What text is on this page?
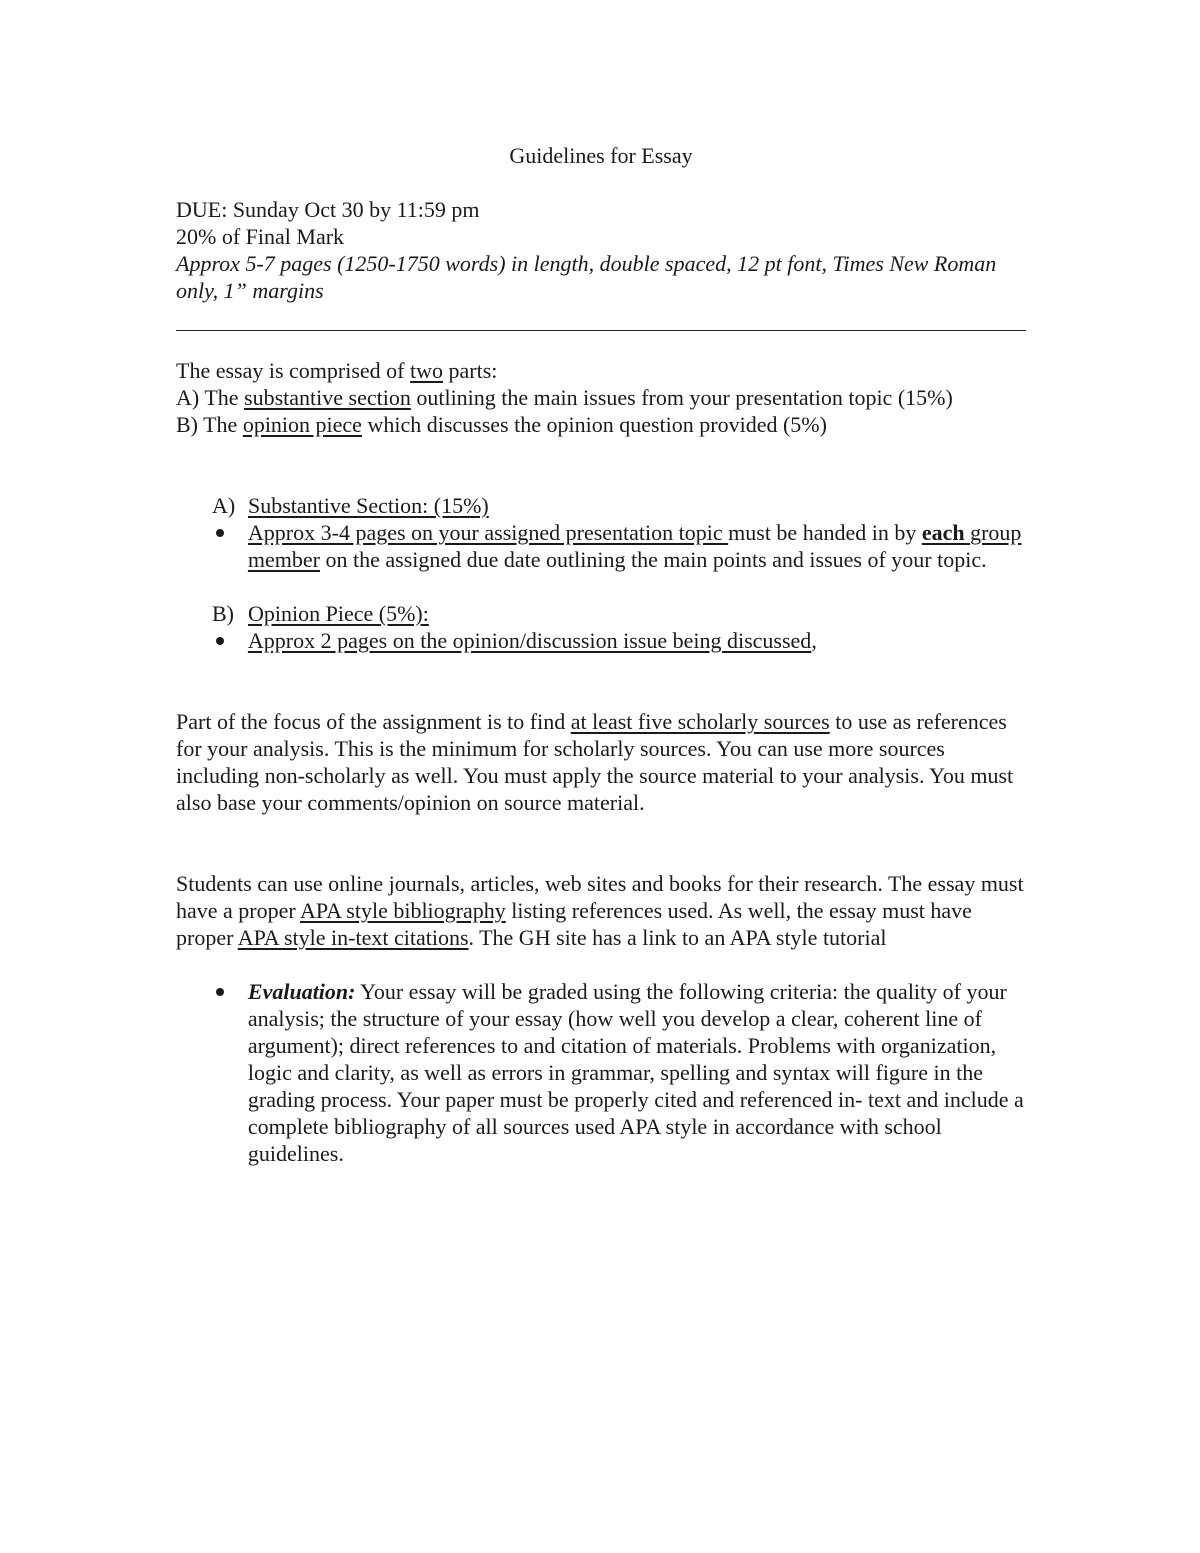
Guidelines for Essay

DUE: Sunday Oct 30 by 11:59 pm

20% of Final Mark

Approx 5-7 pages (1250-1750 words) in length, double spaced, 12 pt font, Times New Roman only, 1” margins

The essay is comprised of two parts:

A) The substantive section outlining the main issues from your presentation topic (15%)

B) The opinion piece which discusses the opinion question provided (5%)

A) Substantive Section: (15%)
Approx 3-4 pages on your assigned presentation topic must be handed in by each group member on the assigned due date outlining the main points and issues of your topic.
B) Opinion Piece (5%):
Approx 2 pages on the opinion/discussion issue being discussed,

Part of the focus of the assignment is to find at least five scholarly sources to use as references for your analysis. This is the minimum for scholarly sources. You can use more sources including non-scholarly as well. You must apply the source material to your analysis. You must also base your comments/opinion on source material.

Students can use online journals, articles, web sites and books for their research. The essay must have a proper APA style bibliography listing references used. As well, the essay must have proper APA style in-text citations. The GH site has a link to an APA style tutorial

Evaluation: Your essay will be graded using the following criteria: the quality of your analysis; the structure of your essay (how well you develop a clear, coherent line of argument); direct references to and citation of materials. Problems with organization, logic and clarity, as well as errors in grammar, spelling and syntax will figure in the grading process. Your paper must be properly cited and referenced in- text and include a complete bibliography of all sources used APA style in accordance with school guidelines.
